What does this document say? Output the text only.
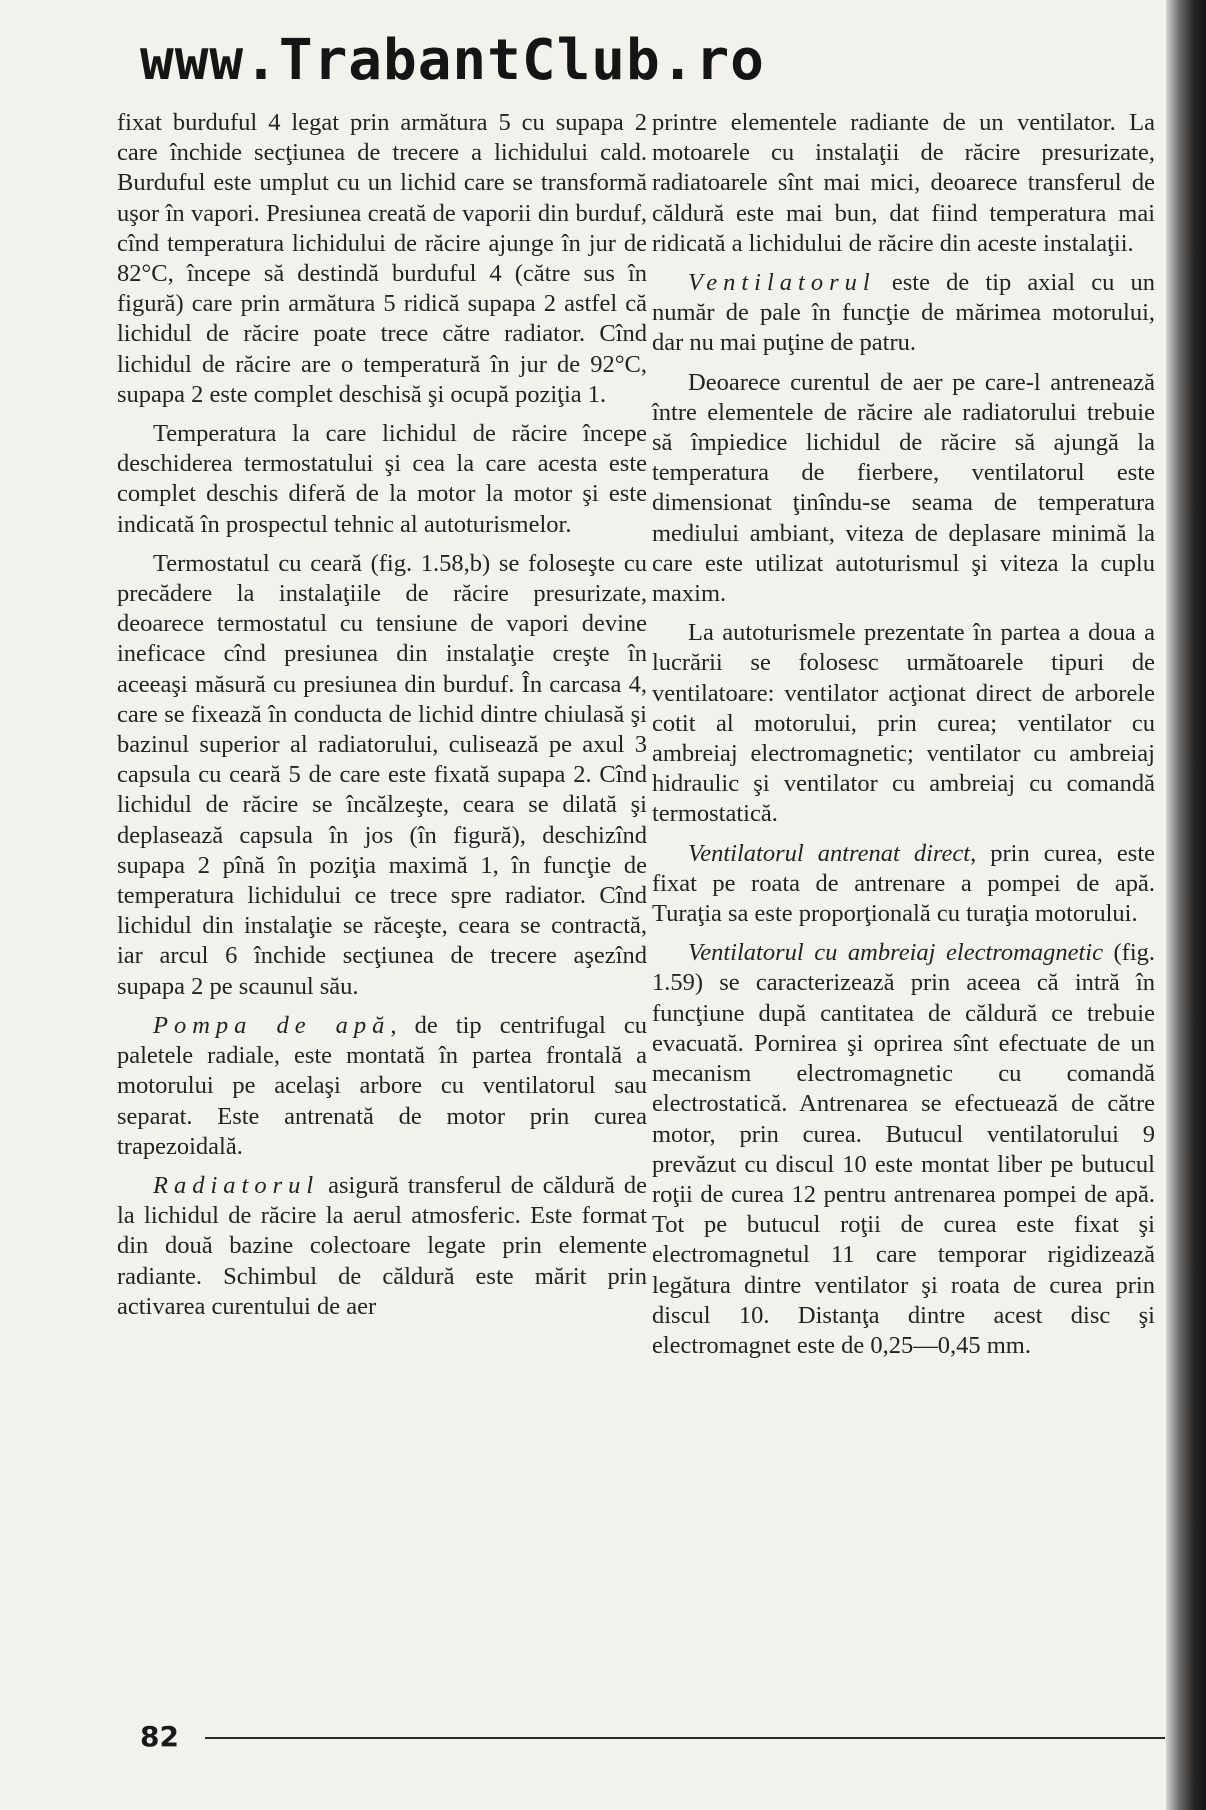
www.TrabantClub.ro

fixat burduful 4 legat prin armătura 5 cu supapa 2 care închide secţiunea de trecere a lichidului cald. Burduful este umplut cu un lichid care se transformă uşor în vapori. Presiunea creată de vaporii din burduf, cînd temperatura lichidului de răcire ajunge în jur de 82°C, începe să destindă burduful 4 (către sus în figură) care prin armătura 5 ridică supapa 2 astfel că lichidul de răcire poate trece către radiator. Cînd lichidul de răcire are o temperatură în jur de 92°C, supapa 2 este complet deschisă şi ocupă poziţia 1.

Temperatura la care lichidul de răcire începe deschiderea termostatului şi cea la care acesta este complet deschis diferă de la motor la motor şi este indicată în prospectul tehnic al autoturismelor.

Termostatul cu ceară (fig. 1.58,b) se foloseşte cu precădere la instalaţiile de răcire presurizate, deoarece termostatul cu tensiune de vapori devine ineficace cînd presiunea din instalaţie creşte în aceeaşi măsură cu presiunea din burduf. În carcasa 4, care se fixează în conducta de lichid dintre chiulasă şi bazinul superior al radiatorului, culisează pe axul 3 capsula cu ceară 5 de care este fixată supapa 2. Cînd lichidul de răcire se încălzeşte, ceara se dilată şi deplasează capsula în jos (în figură), deschizînd supapa 2 pînă în poziţia maximă 1, în funcţie de temperatura lichidului ce trece spre radiator. Cînd lichidul din instalaţie se răceşte, ceara se contractă, iar arcul 6 închide secţiunea de trecere aşezînd supapa 2 pe scaunul său.

Pompa de apă, de tip centrifugal cu paletele radiale, este montată în partea frontală a motorului pe acelaşi arbore cu ventilatorul sau separat. Este antrenată de motor prin curea trapezoidală.

Radiatorul asigură transferul de căldură de la lichidul de răcire la aerul atmosferic. Este format din două bazine colectoare legate prin elemente radiante. Schimbul de căldură este mărit prin activarea curentului de aer

printre elementele radiante de un ventilator. La motoarele cu instalaţii de răcire presurizate, radiatoarele sînt mai mici, deoarece transferul de căldură este mai bun, dat fiind temperatura mai ridicată a lichidului de răcire din aceste instalaţii.

Ventilatorul este de tip axial cu un număr de pale în funcţie de mărimea motorului, dar nu mai puţine de patru.

Deoarece curentul de aer pe care-l antrenează între elementele de răcire ale radiatorului trebuie să împiedice lichidul de răcire să ajungă la temperatura de fierbere, ventilatorul este dimensionat ţinîndu-se seama de temperatura mediului ambiant, viteza de deplasare minimă la care este utilizat autoturismul şi viteza la cuplu maxim.

La autoturismele prezentate în partea a doua a lucrării se folosesc următoarele tipuri de ventilatoare: ventilator acţionat direct de arborele cotit al motorului, prin curea; ventilator cu ambreiaj electromagnetic; ventilator cu ambreiaj hidraulic şi ventilator cu ambreiaj cu comandă termostatică.

Ventilatorul antrenat direct, prin curea, este fixat pe roata de antrenare a pompei de apă. Turaţia sa este proporţională cu turaţia motorului.

Ventilatorul cu ambreiaj electromagnetic (fig. 1.59) se caracterizează prin aceea că intră în funcţiune după cantitatea de căldură ce trebuie evacuată. Pornirea şi oprirea sînt efectuate de un mecanism electromagnetic cu comandă electrostatică. Antrenarea se efectuează de către motor, prin curea. Butucul ventilatorului 9 prevăzut cu discul 10 este montat liber pe butucul roţii de curea 12 pentru antrenarea pompei de apă. Tot pe butucul roţii de curea este fixat şi electromagnetul 11 care temporar rigidizează legătura dintre ventilator şi roata de curea prin discul 10. Distanţa dintre acest disc şi electromagnet este de 0,25—0,45 mm.

82
